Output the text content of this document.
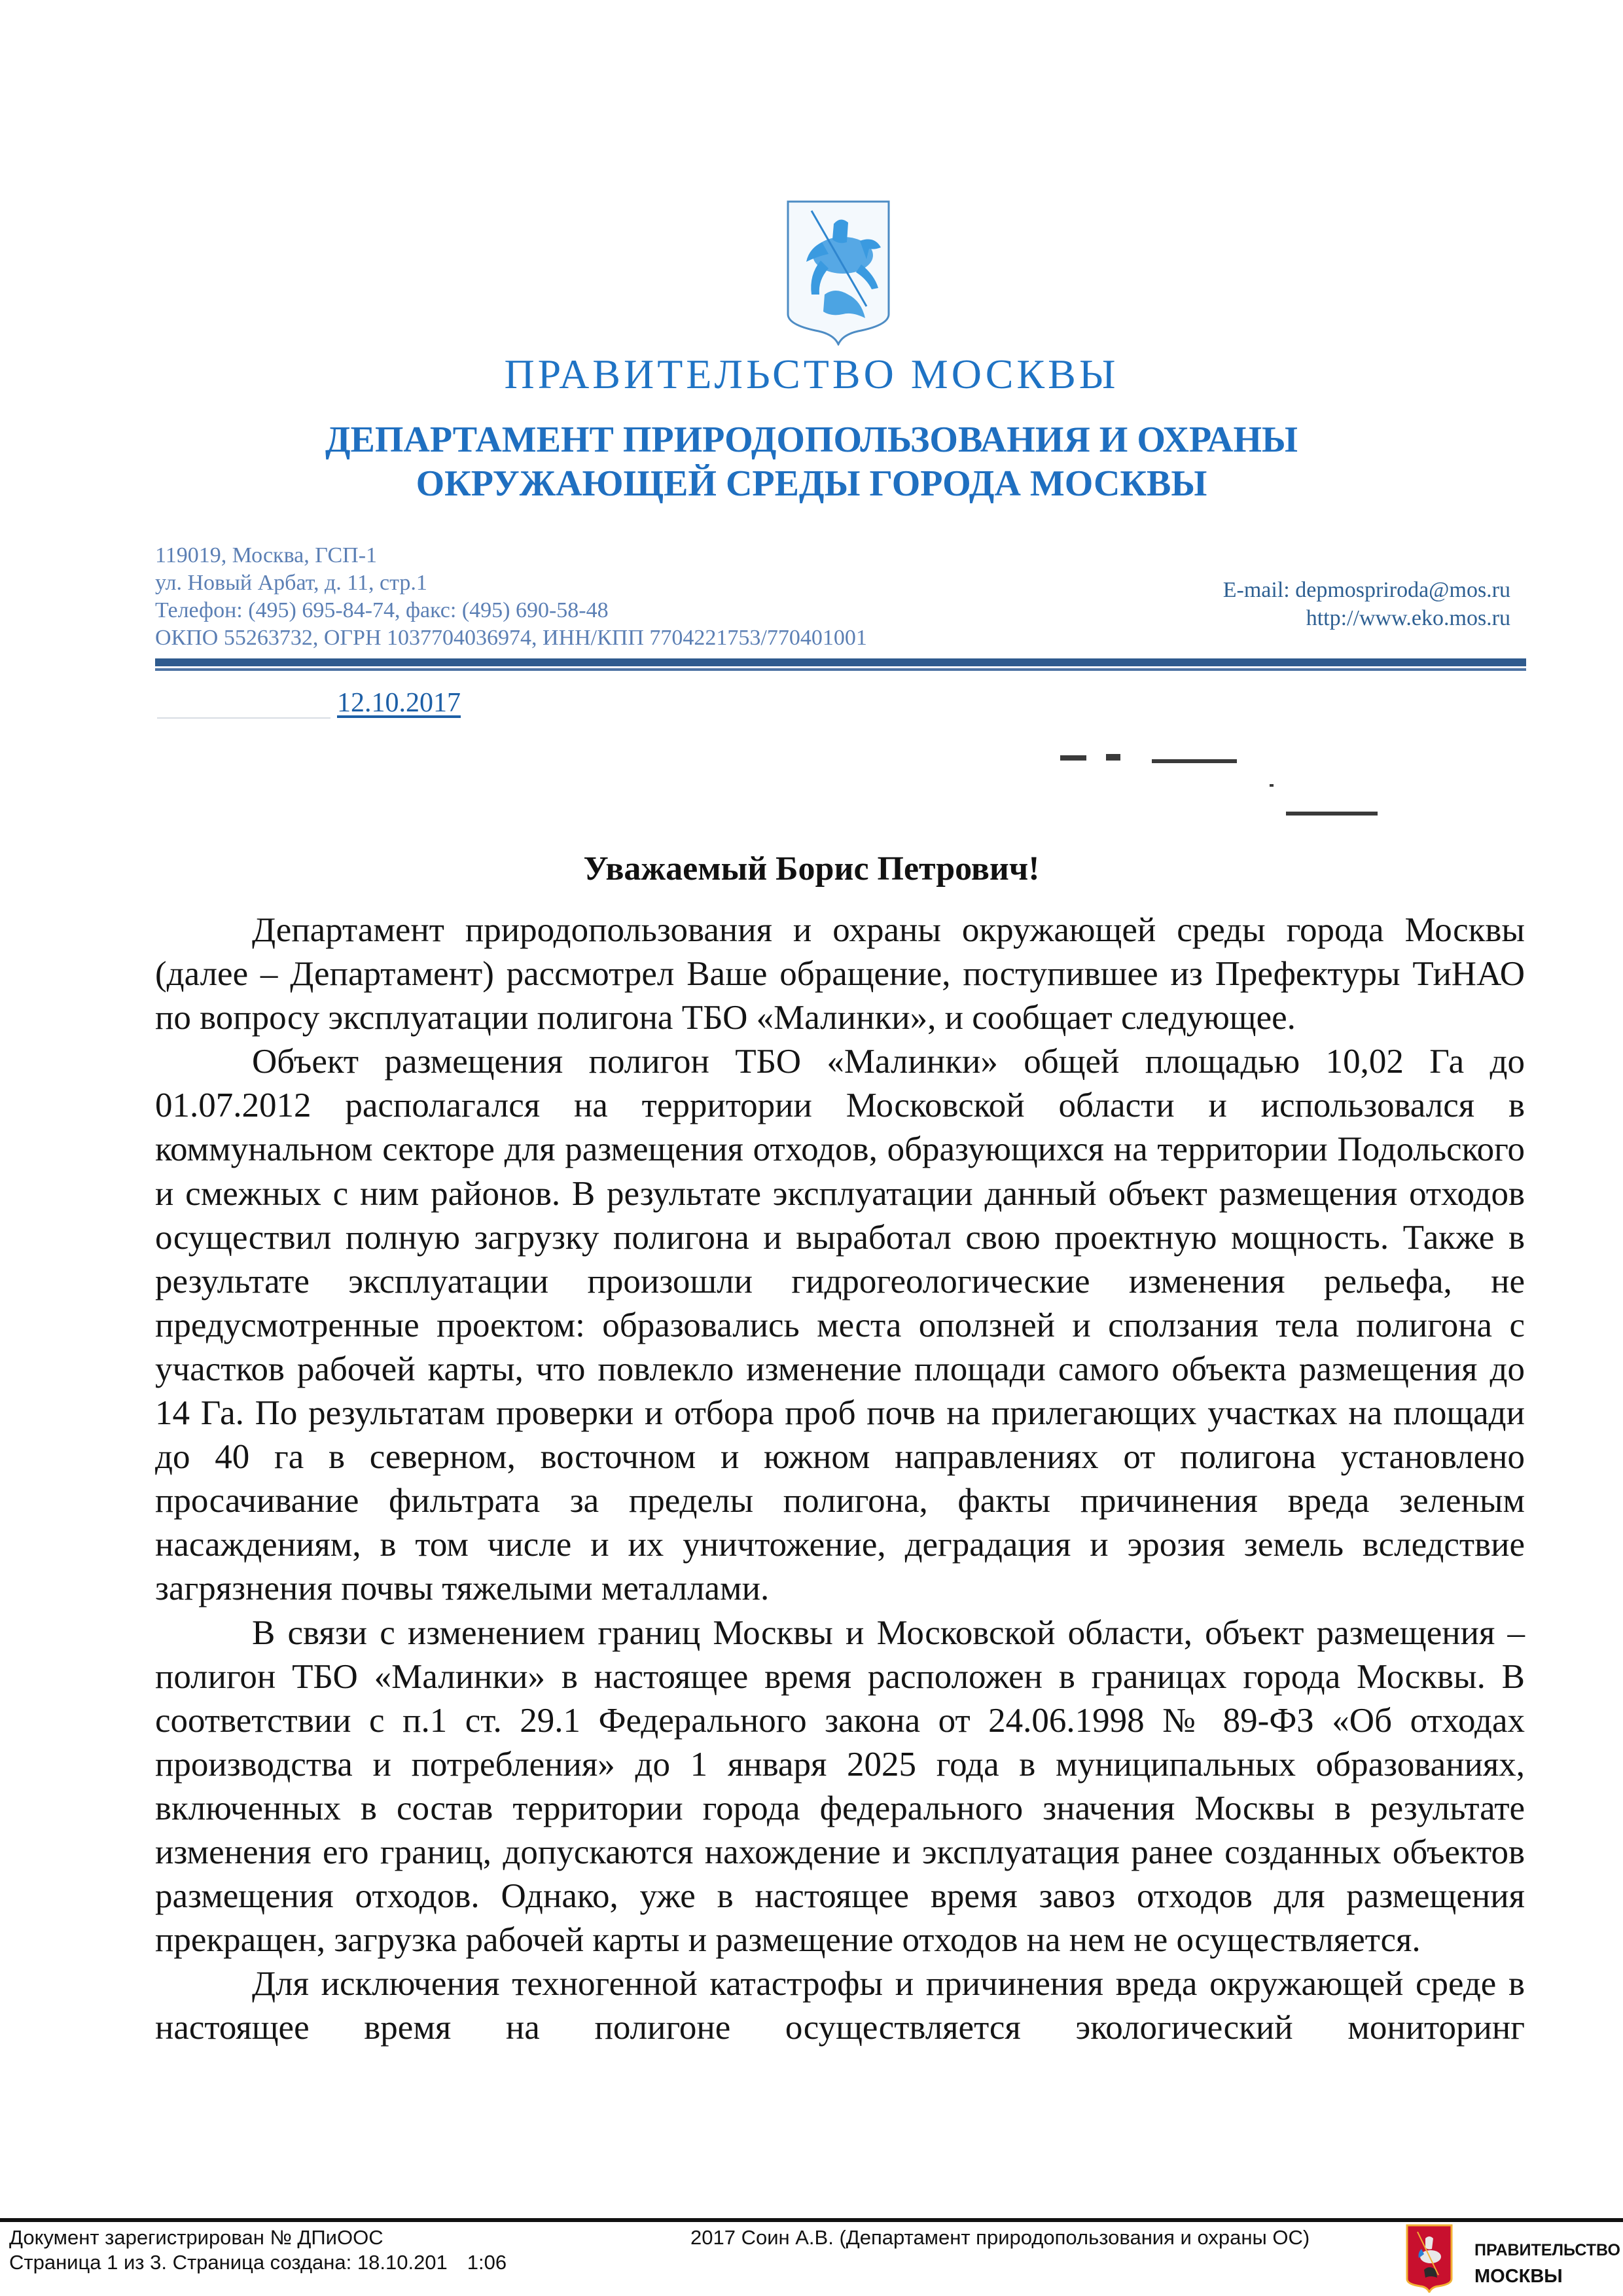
ПРАВИТЕЛЬСТВО МОСКВЫ
ДЕПАРТАМЕНТ ПРИРОДОПОЛЬЗОВАНИЯ И ОХРАНЫ
ОКРУЖАЮЩЕЙ СРЕДЫ ГОРОДА МОСКВЫ
119019, Москва, ГСП-1
ул. Новый Арбат, д. 11, стр.1
Телефон: (495) 695-84-74, факс: (495) 690-58-48
ОКПО 55263732, ОГРН 1037704036974, ИНН/КПП 7704221753/770401001
E-mail: depmospriroda@mos.ru
http://www.eko.mos.ru
12.10.2017
Уважаемый Борис Петрович!

Департамент природопользования и охраны окружающей среды города Москвы (далее – Департамент) рассмотрел Ваше обращение, поступившее из Префектуры ТиНАО по вопросу эксплуатации полигона ТБО «Малинки», и сообщает следующее.

Объект размещения полигон ТБО «Малинки» общей площадью 10,02 Га до 01.07.2012 располагался на территории Московской области и использовался в коммунальном секторе для размещения отходов, образующихся на территории Подольского и смежных с ним районов. В результате эксплуатации данный объект размещения отходов осуществил полную загрузку полигона и выработал свою проектную мощность. Также в результате эксплуатации произошли гидрогеологические изменения рельефа, не предусмотренные проектом: образовались места оползней и сползания тела полигона с участков рабочей карты, что повлекло изменение площади самого объекта размещения до 14 Га. По результатам проверки и отбора проб почв на прилегающих участках на площади до 40 га в северном, восточном и южном направлениях от полигона установлено просачивание фильтрата за пределы полигона, факты причинения вреда зеленым насаждениям, в том числе и их уничтожение, деградация и эрозия земель вследствие загрязнения почвы тяжелыми металлами.

В связи с изменением границ Москвы и Московской области, объект размещения – полигон ТБО «Малинки» в настоящее время расположен в границах города Москвы. В соответствии с п.1 ст. 29.1 Федерального закона от 24.06.1998 № 89-ФЗ «Об отходах производства и потребления» до 1 января 2025 года в муниципальных образованиях, включенных в состав территории города федерального значения Москвы в результате изменения его границ, допускаются нахождение и эксплуатация ранее созданных объектов размещения отходов. Однако, уже в настоящее время завоз отходов для размещения прекращен, загрузка рабочей карты и размещение отходов на нем не осуществляется.

Для исключения техногенной катастрофы и причинения вреда окружающей среде в настоящее время на полигоне осуществляется экологический мониторинг

Документ зарегистрирован № ДПиООС
Страница 1 из 3. Страница создана: 18.10.201 1:06
2017 Соин А.В. (Департамент природопользования и охраны ОС)
ПРАВИТЕЛЬСТВО
МОСКВЫ
